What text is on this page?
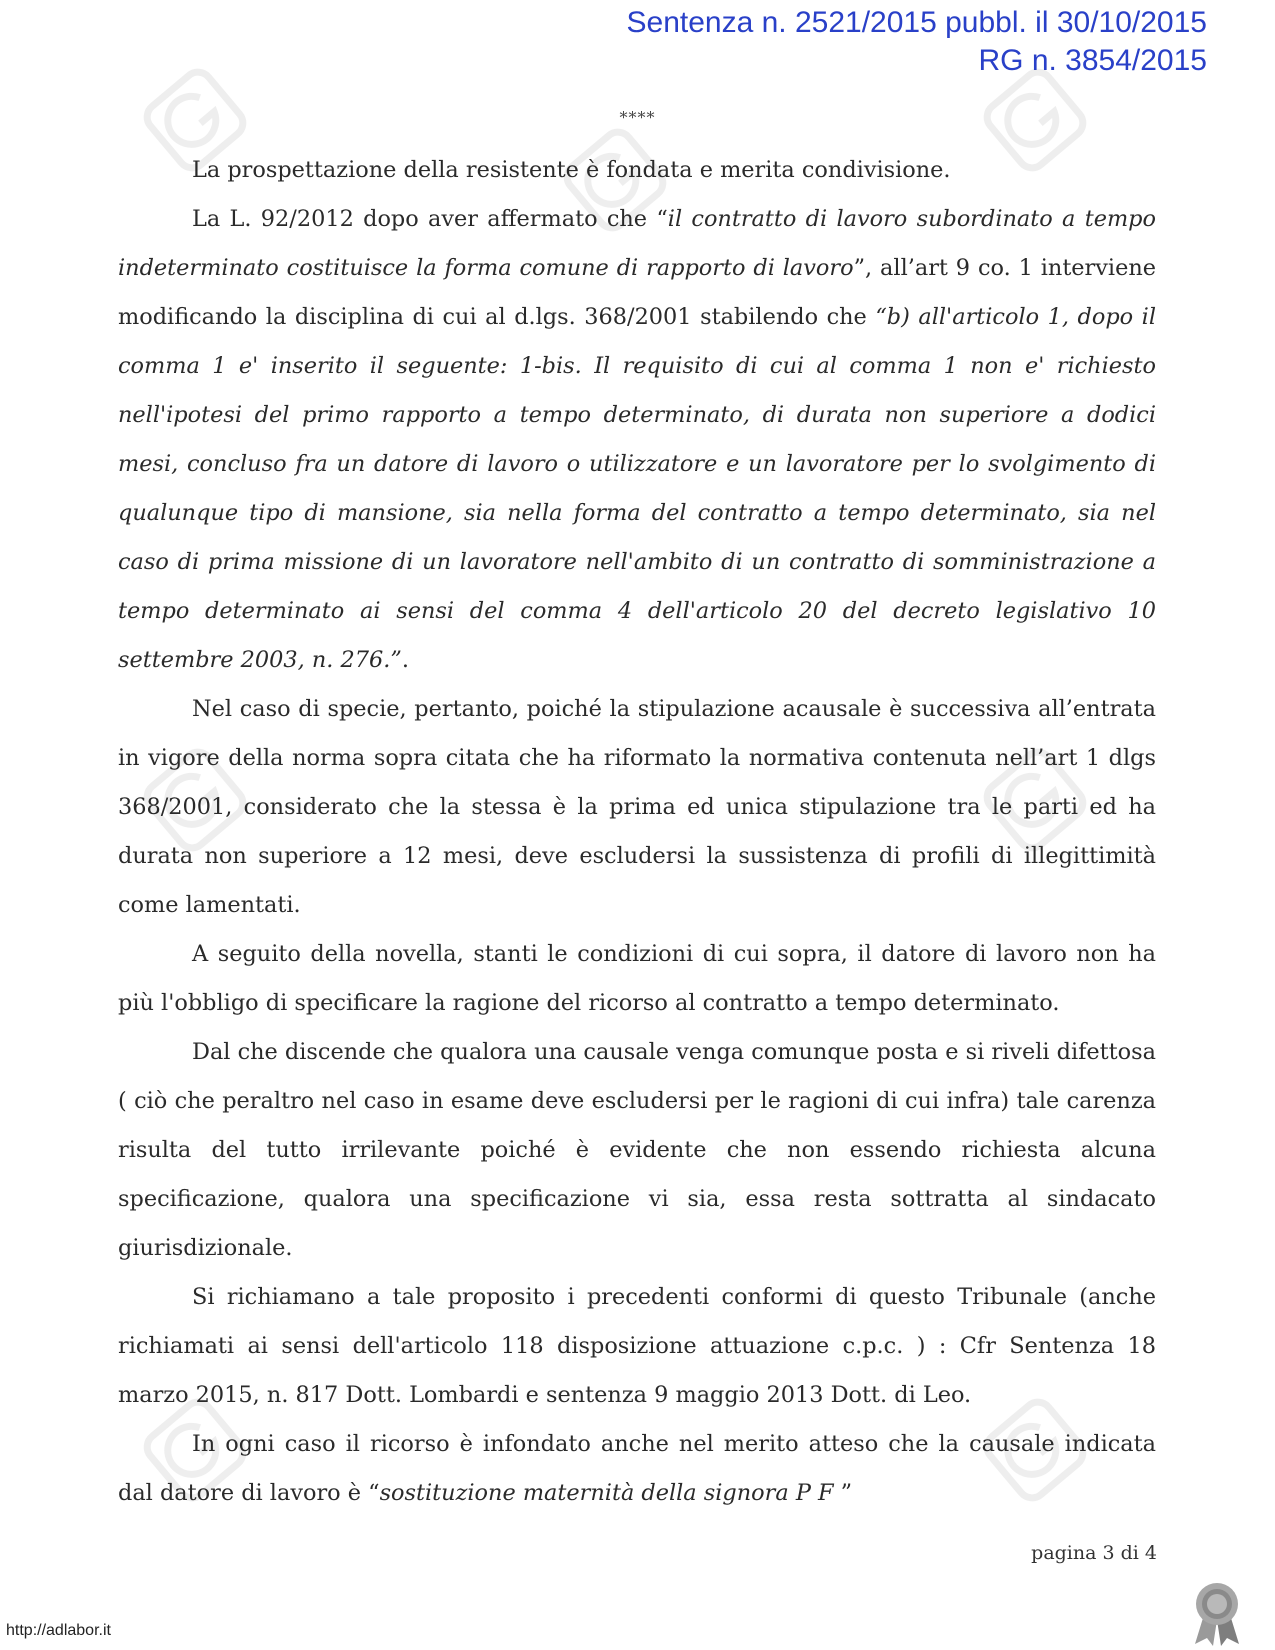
Sentenza n. 2521/2015 pubbl. il 30/10/2015
RG n. 3854/2015
****

La prospettazione della resistente è fondata e merita condivisione.

La L. 92/2012 dopo aver affermato che “il contratto di lavoro subordinato a tempo indeterminato costituisce la forma comune di rapporto di lavoro”, all’art 9 co. 1 interviene modificando la disciplina di cui al d.lgs. 368/2001 stabilendo che “b) all'articolo 1, dopo il comma 1 e' inserito il seguente: 1-bis. Il requisito di cui al comma 1 non e' richiesto nell'ipotesi del primo rapporto a tempo determinato, di durata non superiore a dodici mesi, concluso fra un datore di lavoro o utilizzatore e un lavoratore per lo svolgimento di qualunque tipo di mansione, sia nella forma del contratto a tempo determinato, sia nel caso di prima missione di un lavoratore nell'ambito di un contratto di somministrazione a tempo determinato ai sensi del comma 4 dell'articolo 20 del decreto legislativo 10 settembre 2003, n. 276.”.

Nel caso di specie, pertanto, poiché la stipulazione acausale è successiva all’entrata in vigore della norma sopra citata che ha riformato la normativa contenuta nell’art 1 dlgs 368/2001, considerato che la stessa è la prima ed unica stipulazione tra le parti ed ha durata non superiore a 12 mesi, deve escludersi la sussistenza di profili di illegittimità come lamentati.

A seguito della novella, stanti le condizioni di cui sopra, il datore di lavoro non ha più l'obbligo di specificare la ragione del ricorso al contratto a tempo determinato.

Dal che discende che qualora una causale venga comunque posta e si riveli difettosa ( ciò che peraltro nel caso in esame deve escludersi per le ragioni di cui infra) tale carenza risulta del tutto irrilevante poiché è evidente che non essendo richiesta alcuna specificazione, qualora una specificazione vi sia, essa resta sottratta al sindacato giurisdizionale.

Si richiamano a tale proposito i precedenti conformi di questo Tribunale (anche richiamati ai sensi dell'articolo 118 disposizione attuazione c.p.c. ) : Cfr Sentenza 18 marzo 2015, n. 817 Dott. Lombardi e sentenza 9 maggio 2013 Dott. di Leo.

In ogni caso il ricorso è infondato anche nel merito atteso che la causale indicata dal datore di lavoro è “sostituzione maternità della signora P F ”

pagina 3 di 4
http://adlabor.it
